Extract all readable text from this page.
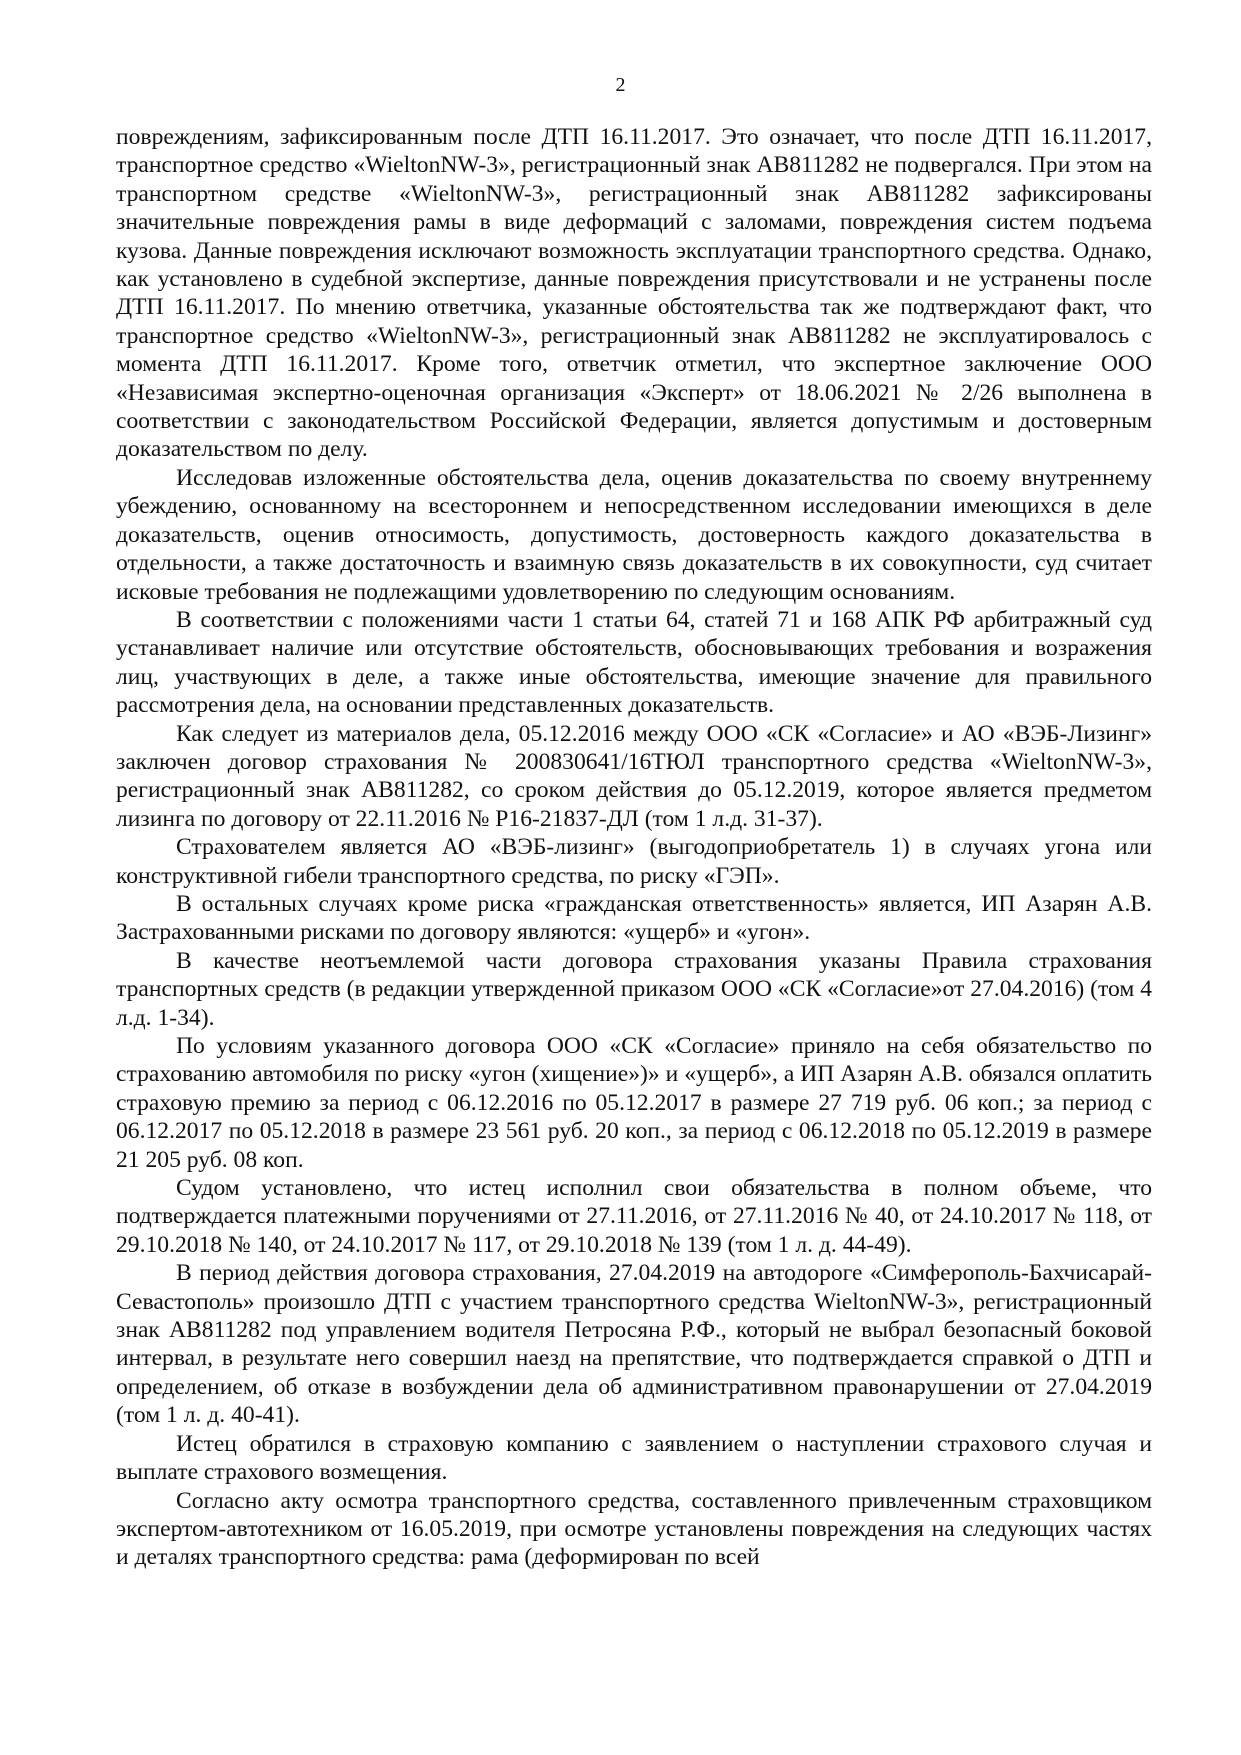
2

повреждениям, зафиксированным после ДТП 16.11.2017. Это означает, что после ДТП 16.11.2017, транспортное средство «WieltonNW-3», регистрационный знак АВ811282 не подвергался. При этом на транспортном средстве «WieltonNW-3», регистрационный знак АВ811282 зафиксированы значительные повреждения рамы в виде деформаций с заломами, повреждения систем подъема кузова. Данные повреждения исключают возможность эксплуатации транспортного средства. Однако, как установлено в судебной экспертизе, данные повреждения присутствовали и не устранены после ДТП 16.11.2017. По мнению ответчика, указанные обстоятельства так же подтверждают факт, что транспортное средство «WieltonNW-3», регистрационный знак АВ811282 не эксплуатировалось с момента ДТП 16.11.2017. Кроме того, ответчик отметил, что экспертное заключение ООО «Независимая экспертно-оценочная организация «Эксперт» от 18.06.2021 № 2/26 выполнена в соответствии с законодательством Российской Федерации, является допустимым и достоверным доказательством по делу.

Исследовав изложенные обстоятельства дела, оценив доказательства по своему внутреннему убеждению, основанному на всестороннем и непосредственном исследовании имеющихся в деле доказательств, оценив относимость, допустимость, достоверность каждого доказательства в отдельности, а также достаточность и взаимную связь доказательств в их совокупности, суд считает исковые требования не подлежащими удовлетворению по следующим основаниям.

В соответствии с положениями части 1 статьи 64, статей 71 и 168 АПК РФ арбитражный суд устанавливает наличие или отсутствие обстоятельств, обосновывающих требования и возражения лиц, участвующих в деле, а также иные обстоятельства, имеющие значение для правильного рассмотрения дела, на основании представленных доказательств.

Как следует из материалов дела, 05.12.2016 между ООО «СК «Согласие» и АО «ВЭБ-Лизинг» заключен договор страхования № 200830641/16ТЮЛ транспортного средства «WieltonNW-3», регистрационный знак АВ811282, со сроком действия до 05.12.2019, которое является предметом лизинга по договору от 22.11.2016 № Р16-21837-ДЛ (том 1 л.д. 31-37).

Страхователем является АО «ВЭБ-лизинг» (выгодоприобретатель 1) в случаях угона или конструктивной гибели транспортного средства, по риску «ГЭП».

В остальных случаях кроме риска «гражданская ответственность» является, ИП Азарян А.В. Застрахованными рисками по договору являются: «ущерб» и «угон».

В качестве неотъемлемой части договора страхования указаны Правила страхования транспортных средств (в редакции утвержденной приказом ООО «СК «Согласие»от 27.04.2016) (том 4 л.д. 1-34).

По условиям указанного договора ООО «СК «Согласие» приняло на себя обязательство по страхованию автомобиля по риску «угон (хищение»)» и «ущерб», а ИП Азарян А.В. обязался оплатить страховую премию за период с 06.12.2016 по 05.12.2017 в размере 27 719 руб. 06 коп.; за период с 06.12.2017 по 05.12.2018 в размере 23 561 руб. 20 коп., за период с 06.12.2018 по 05.12.2019 в размере 21 205 руб. 08 коп.

Судом установлено, что истец исполнил свои обязательства в полном объеме, что подтверждается платежными поручениями от 27.11.2016, от 27.11.2016 № 40, от 24.10.2017 № 118, от 29.10.2018 № 140, от 24.10.2017 № 117, от 29.10.2018 № 139 (том 1 л. д. 44-49).

В период действия договора страхования, 27.04.2019 на автодороге «Симферополь-Бахчисарай-Севастополь» произошло ДТП с участием транспортного средства WieltonNW-3», регистрационный знак АВ811282 под управлением водителя Петросяна Р.Ф., который не выбрал безопасный боковой интервал, в результате него совершил наезд на препятствие, что подтверждается справкой о ДТП и определением, об отказе в возбуждении дела об административном правонарушении от 27.04.2019 (том 1 л. д. 40-41).

Истец обратился в страховую компанию с заявлением о наступлении страхового случая и выплате страхового возмещения.

Согласно акту осмотра транспортного средства, составленного привлеченным страховщиком экспертом-автотехником от 16.05.2019, при осмотре установлены повреждения на следующих частях и деталях транспортного средства: рама (деформирован по всей
